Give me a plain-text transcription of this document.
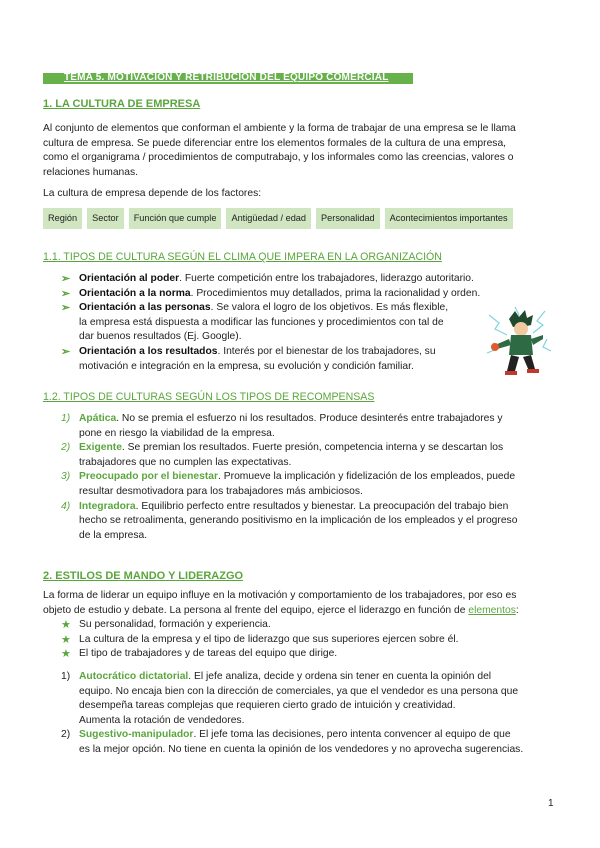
TEMA 5. MOTIVACIÓN Y RETRIBUCIÓN DEL EQUIPO COMERCIAL
1. LA CULTURA DE EMPRESA
Al conjunto de elementos que conforman el ambiente y la forma de trabajar de una empresa se le llama
cultura de empresa. Se puede diferenciar entre los elementos formales de la cultura de una empresa,
como el organigrama / procedimientos de computrabajo, y los informales como las creencias, valores o
relaciones humanas.
La cultura de empresa depende de los factores:
Región	Sector	Función que cumple	Antigüedad / edad	Personalidad	Acontecimientos importantes
1.1. TIPOS DE CULTURA SEGÚN EL CLIMA QUE IMPERA EN LA ORGANIZACIÓN
➢ Orientación al poder. Fuerte competición entre los trabajadores, liderazgo autoritario.
➢ Orientación a la norma. Procedimientos muy detallados, prima la racionalidad y orden.
➢ Orientación a las personas. Se valora el logro de los objetivos. Es más flexible,
la empresa está dispuesta a modificar las funciones y procedimientos con tal de
dar buenos resultados (Ej. Google).
➢ Orientación a los resultados. Interés por el bienestar de los trabajadores, su
motivación e integración en la empresa, su evolución y condición familiar.
1.2. TIPOS DE CULTURAS SEGÚN LOS TIPOS DE RECOMPENSAS
1) Apática. No se premia el esfuerzo ni los resultados. Produce desinterés entre trabajadores y
pone en riesgo la viabilidad de la empresa.
2) Exigente. Se premian los resultados. Fuerte presión, competencia interna y se descartan los
trabajadores que no cumplen las expectativas.
3) Preocupado por el bienestar. Promueve la implicación y fidelización de los empleados, puede
resultar desmotivadora para los trabajadores más ambiciosos.
4) Integradora. Equilibrio perfecto entre resultados y bienestar. La preocupación del trabajo bien
hecho se retroalimenta, generando positivismo en la implicación de los empleados y el progreso
de la empresa.
2. ESTILOS DE MANDO Y LIDERAZGO
La forma de liderar un equipo influye en la motivación y comportamiento de los trabajadores, por eso es
objeto de estudio y debate. La persona al frente del equipo, ejerce el liderazgo en función de elementos:
★ Su personalidad, formación y experiencia.
★ La cultura de la empresa y el tipo de liderazgo que sus superiores ejercen sobre él.
★ El tipo de trabajadores y de tareas del equipo que dirige.
1) Autocrático dictatorial. El jefe analiza, decide y ordena sin tener en cuenta la opinión del
equipo. No encaja bien con la dirección de comerciales, ya que el vendedor es una persona que
desempeña tareas complejas que requieren cierto grado de intuición y creatividad.
Aumenta la rotación de vendedores.
2) Sugestivo-manipulador. El jefe toma las decisiones, pero intenta convencer al equipo de que
es la mejor opción. No tiene en cuenta la opinión de los vendedores y no aprovecha sugerencias.
1
